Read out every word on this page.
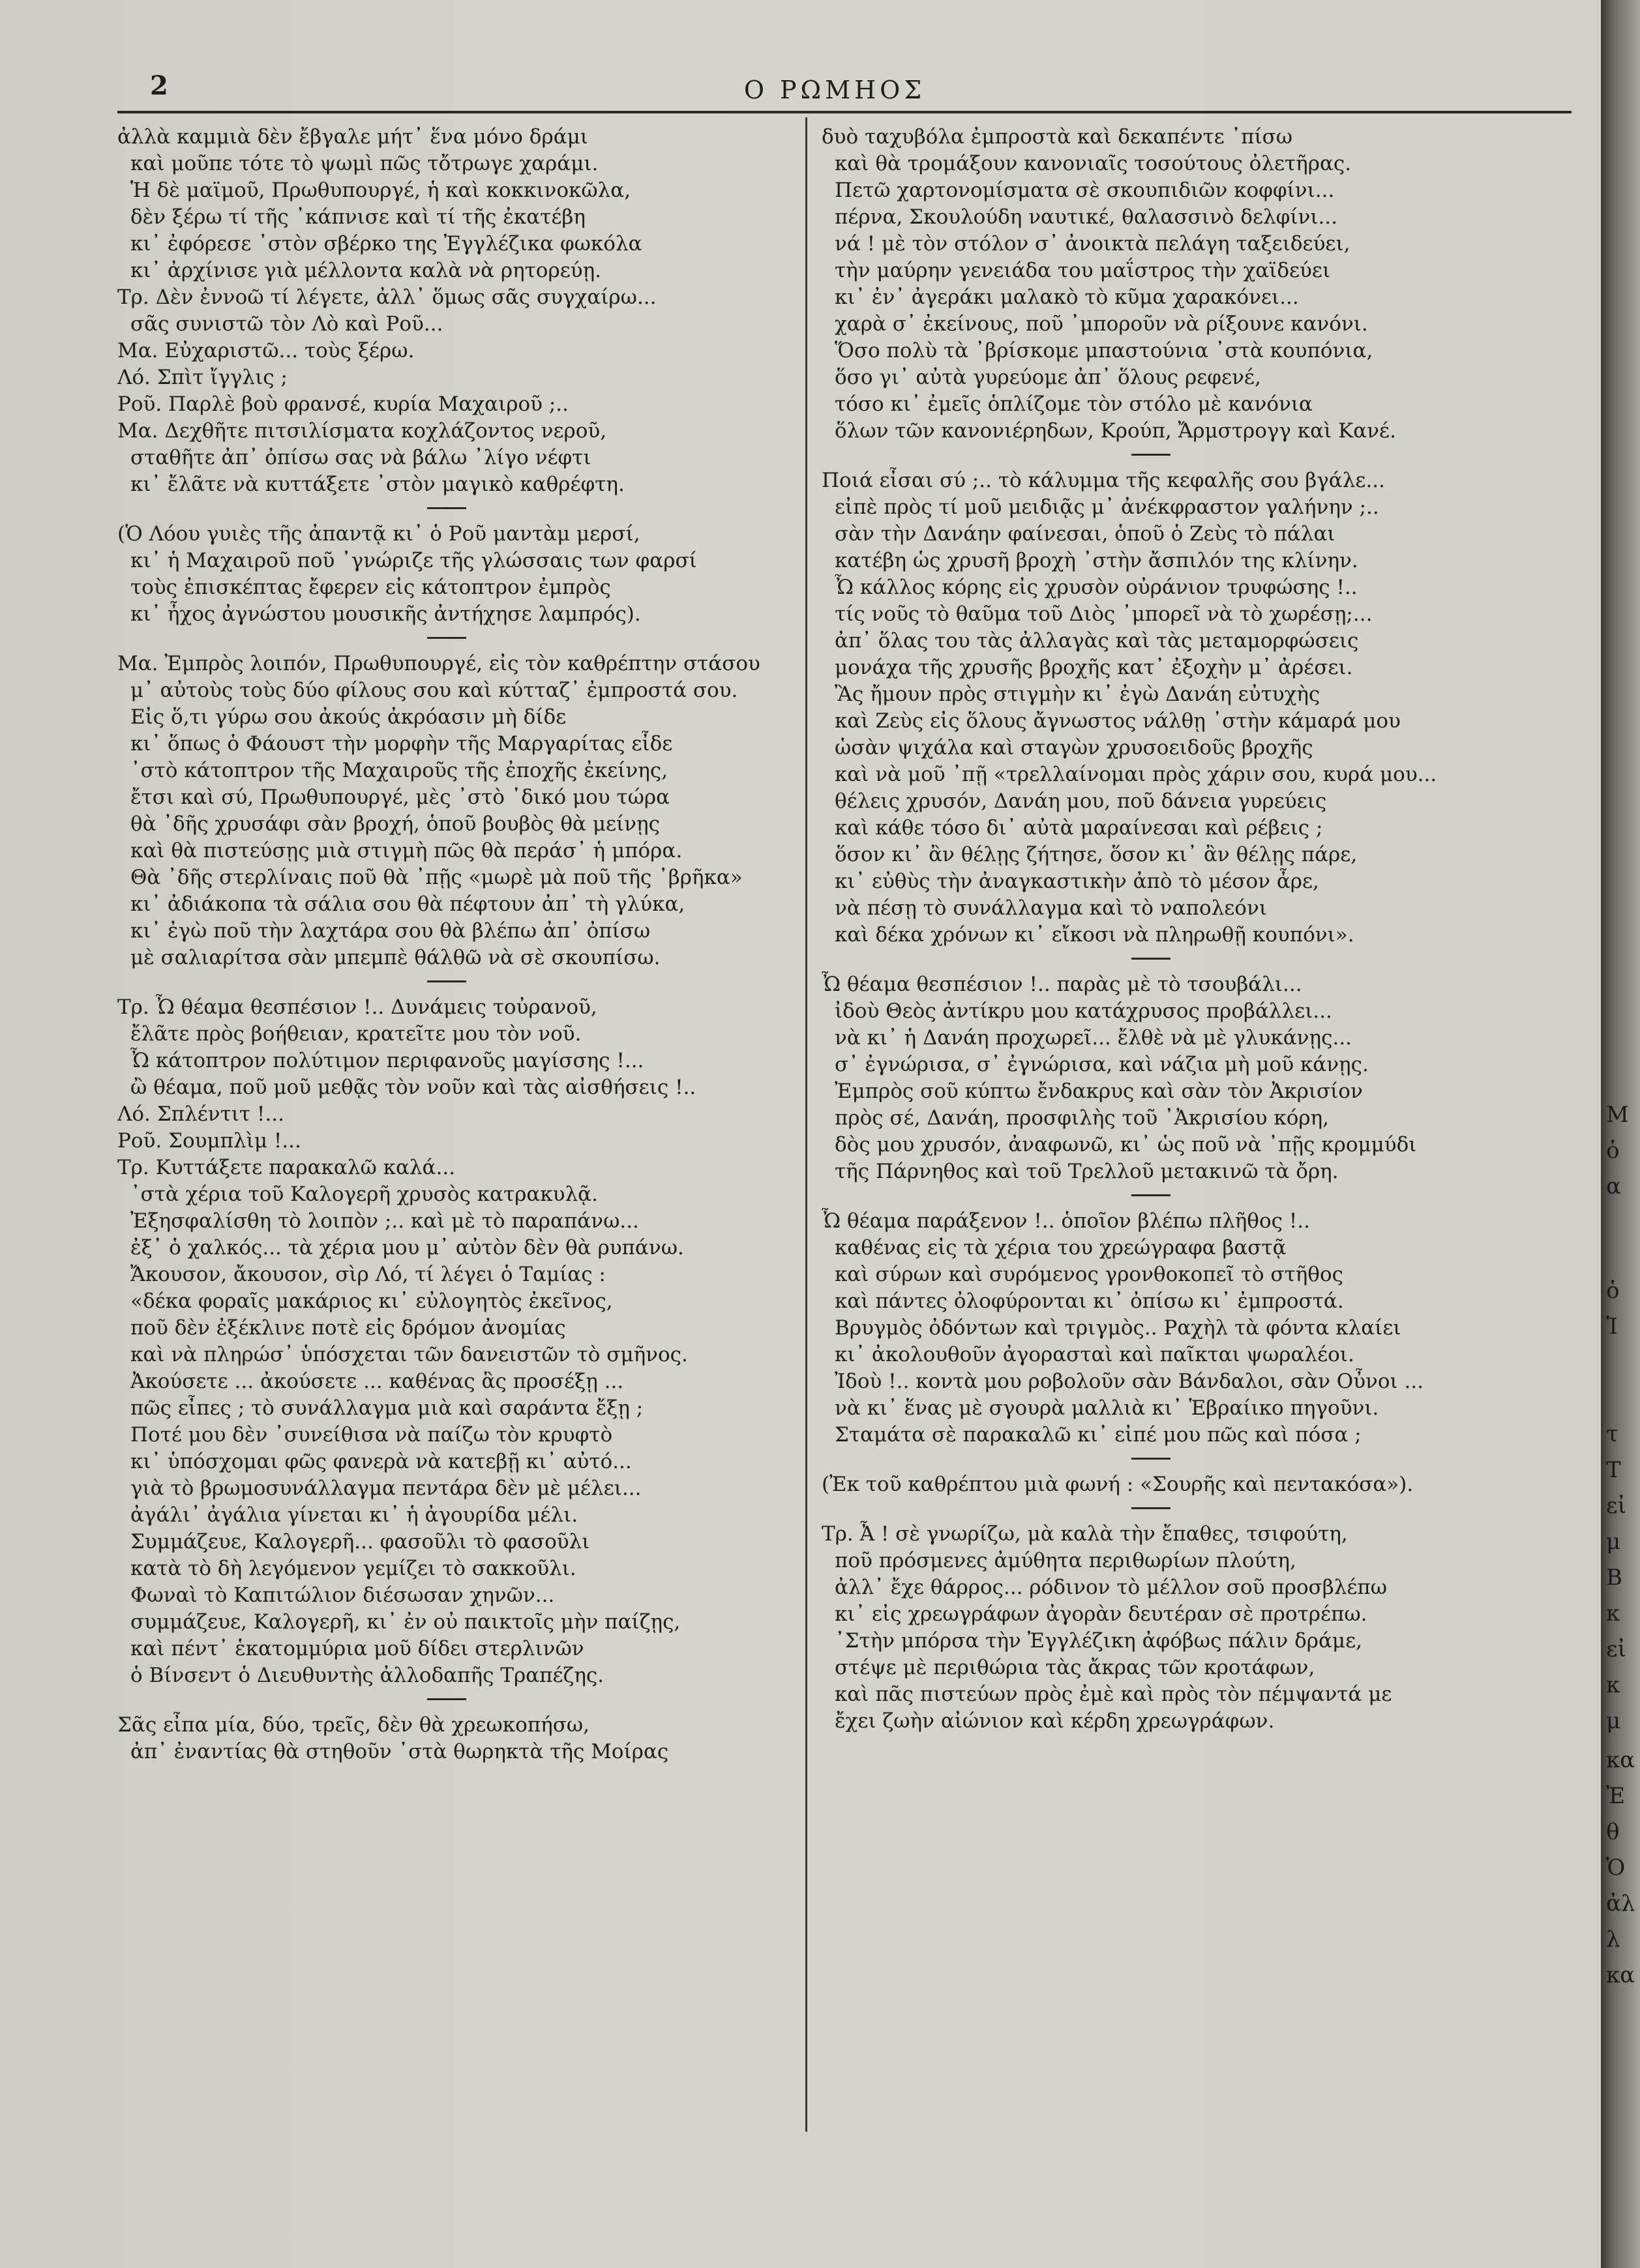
2	Ο ΡΩΜΗΟΣ
ἀλλὰ καμμιὰ δὲν ἔβγαλε μήτ᾽ ἕνα μόνο δράμι
καὶ μοῦπε τότε τὸ ψωμὶ πῶς τὄτρωγε χαράμι.
Ἡ δὲ μαϊμοῦ, Πρωθυπουργέ, ἡ καὶ κοκκινοκῶλα,
δὲν ξέρω τί τῆς ᾽κάπνισε καὶ τί τῆς ἐκατέβη
κι᾽ ἐφόρεσε ᾽στὸν σβέρκο της Ἐγγλέζικα φωκόλα
κι᾽ ἀρχίνισε γιὰ μέλλοντα καλὰ νὰ ρητορεύῃ.
Τρ. Δὲν ἐννοῶ τί λέγετε, ἀλλ᾽ ὅμως σᾶς συγχαίρω...
σᾶς συνιστῶ τὸν Λὸ καὶ Ροῦ...
Μα. Εὐχαριστῶ... τοὺς ξέρω.
Λό. Σπὶτ ἴγγλις ;
Ροῦ. Παρλὲ βοὺ φρανσέ, κυρία Μαχαιροῦ ;..
Μα. Δεχθῆτε πιτσιλίσματα κοχλάζοντος νεροῦ,
σταθῆτε ἀπ᾽ ὀπίσω σας νὰ βάλω ᾽λίγο νέφτι
κι᾽ ἔλᾶτε νὰ κυττάξετε ᾽στὸν μαγικὸ καθρέφτη.
(Ὁ Λόου γυιὲς τῆς ἀπαντᾷ κι᾽ ὁ Ροῦ μαντὰμ μερσί,
κι᾽ ἡ Μαχαιροῦ ποῦ ᾽γνώριζε τῆς γλώσσαις των φαρσί
τοὺς ἐπισκέπτας ἔφερεν εἰς κάτοπτρον ἐμπρὸς
κι᾽ ἦχος ἀγνώστου μουσικῆς ἀντήχησε λαμπρός).
Μα. Ἐμπρὸς λοιπόν, Πρωθυπουργέ, εἰς τὸν καθρέπτην στάσου
μ᾽ αὐτοὺς τοὺς δύο φίλους σου καὶ κύτταζ᾽ ἐμπροστά σου.
Εἰς ὅ,τι γύρω σου ἀκούς ἀκρόασιν μὴ δίδε
κι᾽ ὅπως ὁ Φάουστ τὴν μορφὴν τῆς Μαργαρίτας εἶδε
᾽στὸ κάτοπτρον τῆς Μαχαιροῦς τῆς ἐποχῆς ἐκείνης,
ἔτσι καὶ σύ, Πρωθυπουργέ, μὲς ᾽στὸ ᾽δικό μου τώρα
θὰ ᾽δῆς χρυσάφι σὰν βροχή, ὁποῦ βουβὸς θὰ μείνῃς
καὶ θὰ πιστεύσῃς μιὰ στιγμὴ πῶς θὰ περάσ᾽ ἡ μπόρα.
Θὰ ᾽δῆς στερλίναις ποῦ θὰ ᾽πῇς «μωρὲ μὰ ποῦ τῆς ᾽βρῆκα»
κι᾽ ἀδιάκοπα τὰ σάλια σου θὰ πέφτουν ἀπ᾽ τὴ γλύκα,
κι᾽ ἐγὼ ποῦ τὴν λαχτάρα σου θὰ βλέπω ἀπ᾽ ὀπίσω
μὲ σαλιαρίτσα σὰν μπεμπὲ θάλθῶ νὰ σὲ σκουπίσω.
Τρ. Ὦ θέαμα θεσπέσιον !.. Δυνάμεις τοὐρανοῦ,
ἔλᾶτε πρὸς βοήθειαν, κρατεῖτε μου τὸν νοῦ.
Ὦ κάτοπτρον πολύτιμον περιφανοῦς μαγίσσης !...
ὢ θέαμα, ποῦ μοῦ μεθᾷς τὸν νοῦν καὶ τὰς αἰσθήσεις !..
Λό. Σπλέντιτ !...
Ροῦ. Σουμπλὶμ !...
Τρ. Κυττάξετε παρακαλῶ καλά...
᾽στὰ χέρια τοῦ Καλογερῆ χρυσὸς κατρακυλᾷ.
Ἐξησφαλίσθη τὸ λοιπὸν ;.. καὶ μὲ τὸ παραπάνω...
ἐξ᾽ ὁ χαλκός... τὰ χέρια μου μ᾽ αὐτὸν δὲν θὰ ρυπάνω.
Ἄκουσον, ἄκουσον, σὶρ Λό, τί λέγει ὁ Ταμίας :
«δέκα φοραῖς μακάριος κι᾽ εὐλογητὸς ἐκεῖνος,
ποῦ δὲν ἐξέκλινε ποτὲ εἰς δρόμον ἀνομίας
καὶ νὰ πληρώσ᾽ ὑπόσχεται τῶν δανειστῶν τὸ σμῆνος.
Ἀκούσετε ... ἀκούσετε ... καθένας ἃς προσέξῃ ...
πῶς εἶπες ; τὸ συνάλλαγμα μιὰ καὶ σαράντα ἔξῃ ;
Ποτέ μου δὲν ᾽συνείθισα νὰ παίζω τὸν κρυφτὸ
κι᾽ ὑπόσχομαι φῶς φανερὰ νὰ κατεβῇ κι᾽ αὐτό...
γιὰ τὸ βρωμοσυνάλλαγμα πεντάρα δὲν μὲ μέλει...
ἀγάλι᾽ ἀγάλια γίνεται κι᾽ ἡ ἀγουρίδα μέλι.
Συμμάζευε, Καλογερῆ... φασοῦλι τὸ φασοῦλι
κατὰ τὸ δὴ λεγόμενον γεμίζει τὸ σακκοῦλι.
Φωναὶ τὸ Καπιτώλιον διέσωσαν χηνῶν...
συμμάζευε, Καλογερῆ, κι᾽ ἐν οὐ παικτοῖς μὴν παίζῃς,
καὶ πέντ᾽ ἑκατομμύρια μοῦ δίδει στερλινῶν
ὁ Βίνσεντ ὁ Διευθυντὴς ἀλλοδαπῆς Τραπέζης.
Σᾶς εἶπα μία, δύο, τρεῖς, δὲν θὰ χρεωκοπήσω,
ἀπ᾽ ἐναντίας θὰ στηθοῦν ᾽στὰ θωρηκτὰ τῆς Μοίρας
δυὸ ταχυβόλα ἐμπροστὰ καὶ δεκαπέντε ᾽πίσω
καὶ θὰ τρομάξουν κανονιαῖς τοσούτους ὀλετῆρας.
Πετῶ χαρτονομίσματα σὲ σκουπιδιῶν κοφφίνι...
πέρνα, Σκουλούδη ναυτικέ, θαλασσινὸ δελφίνι...
νά ! μὲ τὸν στόλον σ᾽ ἀνοικτὰ πελάγη ταξειδεύει,
τὴν μαύρην γενειάδα του μαΐστρος τὴν χαϊδεύει
κι᾽ ἐν᾽ ἀγεράκι μαλακὸ τὸ κῦμα χαρακόνει...
χαρὰ σ᾽ ἐκείνους, ποῦ ᾽μποροῦν νὰ ρίξουνε κανόνι.
Ὅσο πολὺ τὰ ᾽βρίσκομε μπαστούνια ᾽στὰ κουπόνια,
ὅσο γι᾽ αὐτὰ γυρεύομε ἀπ᾽ ὅλους ρεφενέ,
τόσο κι᾽ ἐμεῖς ὁπλίζομε τὸν στόλο μὲ κανόνια
ὅλων τῶν κανονιέρηδων, Κρούπ, Ἄρμστρογγ καὶ Κανέ.
Ποιά εἶσαι σύ ;.. τὸ κάλυμμα τῆς κεφαλῆς σου βγάλε...
εἰπὲ πρὸς τί μοῦ μειδιᾷς μ᾽ ἀνέκφραστον γαλήνην ;..
σὰν τὴν Δανάην φαίνεσαι, ὁποῦ ὁ Ζεὺς τὸ πάλαι
κατέβη ὡς χρυσῆ βροχὴ ᾽στὴν ἄσπιλόν της κλίνην.
Ὦ κάλλος κόρης εἰς χρυσὸν οὐράνιον τρυφώσης !..
τίς νοῦς τὸ θαῦμα τοῦ Διὸς ᾽μπορεῖ νὰ τὸ χωρέσῃ;...
ἀπ᾽ ὅλας του τὰς ἀλλαγὰς καὶ τὰς μεταμορφώσεις
μονάχα τῆς χρυσῆς βροχῆς κατ᾽ ἐξοχὴν μ᾽ ἀρέσει.
Ἂς ἤμουν πρὸς στιγμὴν κι᾽ ἐγὼ Δανάη εὐτυχὴς
καὶ Ζεὺς εἰς ὅλους ἄγνωστος νάλθῃ ᾽στὴν κάμαρά μου
ὡσὰν ψιχάλα καὶ σταγὼν χρυσοειδοῦς βροχῆς
καὶ νὰ μοῦ ᾽πῇ «τρελλαίνομαι πρὸς χάριν σου, κυρά μου...
θέλεις χρυσόν, Δανάη μου, ποῦ δάνεια γυρεύεις
καὶ κάθε τόσο δι᾽ αὐτὰ μαραίνεσαι καὶ ρέβεις ;
ὅσον κι᾽ ἂν θέλῃς ζήτησε, ὅσον κι᾽ ἂν θέλῃς πάρε,
κι᾽ εὐθὺς τὴν ἀναγκαστικὴν ἀπὸ τὸ μέσον ἆρε,
νὰ πέσῃ τὸ συνάλλαγμα καὶ τὸ ναπολεόνι
καὶ δέκα χρόνων κι᾽ εἴκοσι νὰ πληρωθῇ κουπόνι».
Ὦ θέαμα θεσπέσιον !.. παρὰς μὲ τὸ τσουβάλι...
ἰδοὺ Θεὸς ἀντίκρυ μου κατάχρυσος προβάλλει...
νὰ κι᾽ ἡ Δανάη προχωρεῖ... ἔλθὲ νὰ μὲ γλυκάνῃς...
σ᾽ ἐγνώρισα, σ᾽ ἐγνώρισα, καὶ νάζια μὴ μοῦ κάνῃς.
Ἐμπρὸς σοῦ κύπτω ἔνδακρυς καὶ σὰν τὸν Ἀκρισίον
πρὸς σέ, Δανάη, προσφιλὴς τοῦ ᾽Ἀκρισίου κόρη,
δὸς μου χρυσόν, ἀναφωνῶ, κι᾽ ὡς ποῦ νὰ ᾽πῇς κρομμύδι
τῆς Πάρνηθος καὶ τοῦ Τρελλοῦ μετακινῶ τὰ ὄρη.
Ὦ θέαμα παράξενον !.. ὁποῖον βλέπω πλῆθος !..
καθένας εἰς τὰ χέρια του χρεώγραφα βαστᾷ
καὶ σύρων καὶ συρόμενος γρονθοκοπεῖ τὸ στῆθος
καὶ πάντες ὀλοφύρονται κι᾽ ὀπίσω κι᾽ ἐμπροστά.
Βρυγμὸς ὀδόντων καὶ τριγμὸς.. Ραχὴλ τὰ φόντα κλαίει
κι᾽ ἀκολουθοῦν ἀγορασταὶ καὶ παῖκται ψωραλέοι.
Ἰδοὺ !.. κοντὰ μου ροβολοῦν σὰν Βάνδαλοι, σὰν Οὖνοι ...
νὰ κι᾽ ἕνας μὲ σγουρὰ μαλλιὰ κι᾽ Ἑβραίικο πηγοῦνι.
Σταμάτα σὲ παρακαλῶ κι᾽ εἰπέ μου πῶς καὶ πόσα ;
(Ἐκ τοῦ καθρέπτου μιὰ φωνή : «Σουρῆς καὶ πεντακόσα»).
Τρ. Ἆ ! σὲ γνωρίζω, μὰ καλὰ τὴν ἔπαθες, τσιφούτη,
ποῦ πρόσμενες ἀμύθητα περιθωρίων πλούτη,
ἀλλ᾽ ἔχε θάρρος... ρόδινον τὸ μέλλον σοῦ προσβλέπω
κι᾽ εἰς χρεωγράφων ἀγορὰν δευτέραν σὲ προτρέπω.
᾽Στὴν μπόρσα τὴν Ἐγγλέζικη ἀφόβως πάλιν δράμε,
στέψε μὲ περιθώρια τὰς ἄκρας τῶν κροτάφων,
καὶ πᾶς πιστεύων πρὸς ἐμὲ καὶ πρὸς τὸν πέμψαντά με
ἔχει ζωὴν αἰώνιον καὶ κέρδη χρεωγράφων.
M
ὁ
α
ὁ
Ἰ
τ
Τ
εἰ
μ
Β
κ
εἰ
κ
μ
κα
Ἐ
θ
Ὁ
ἀλ
λ
κα
